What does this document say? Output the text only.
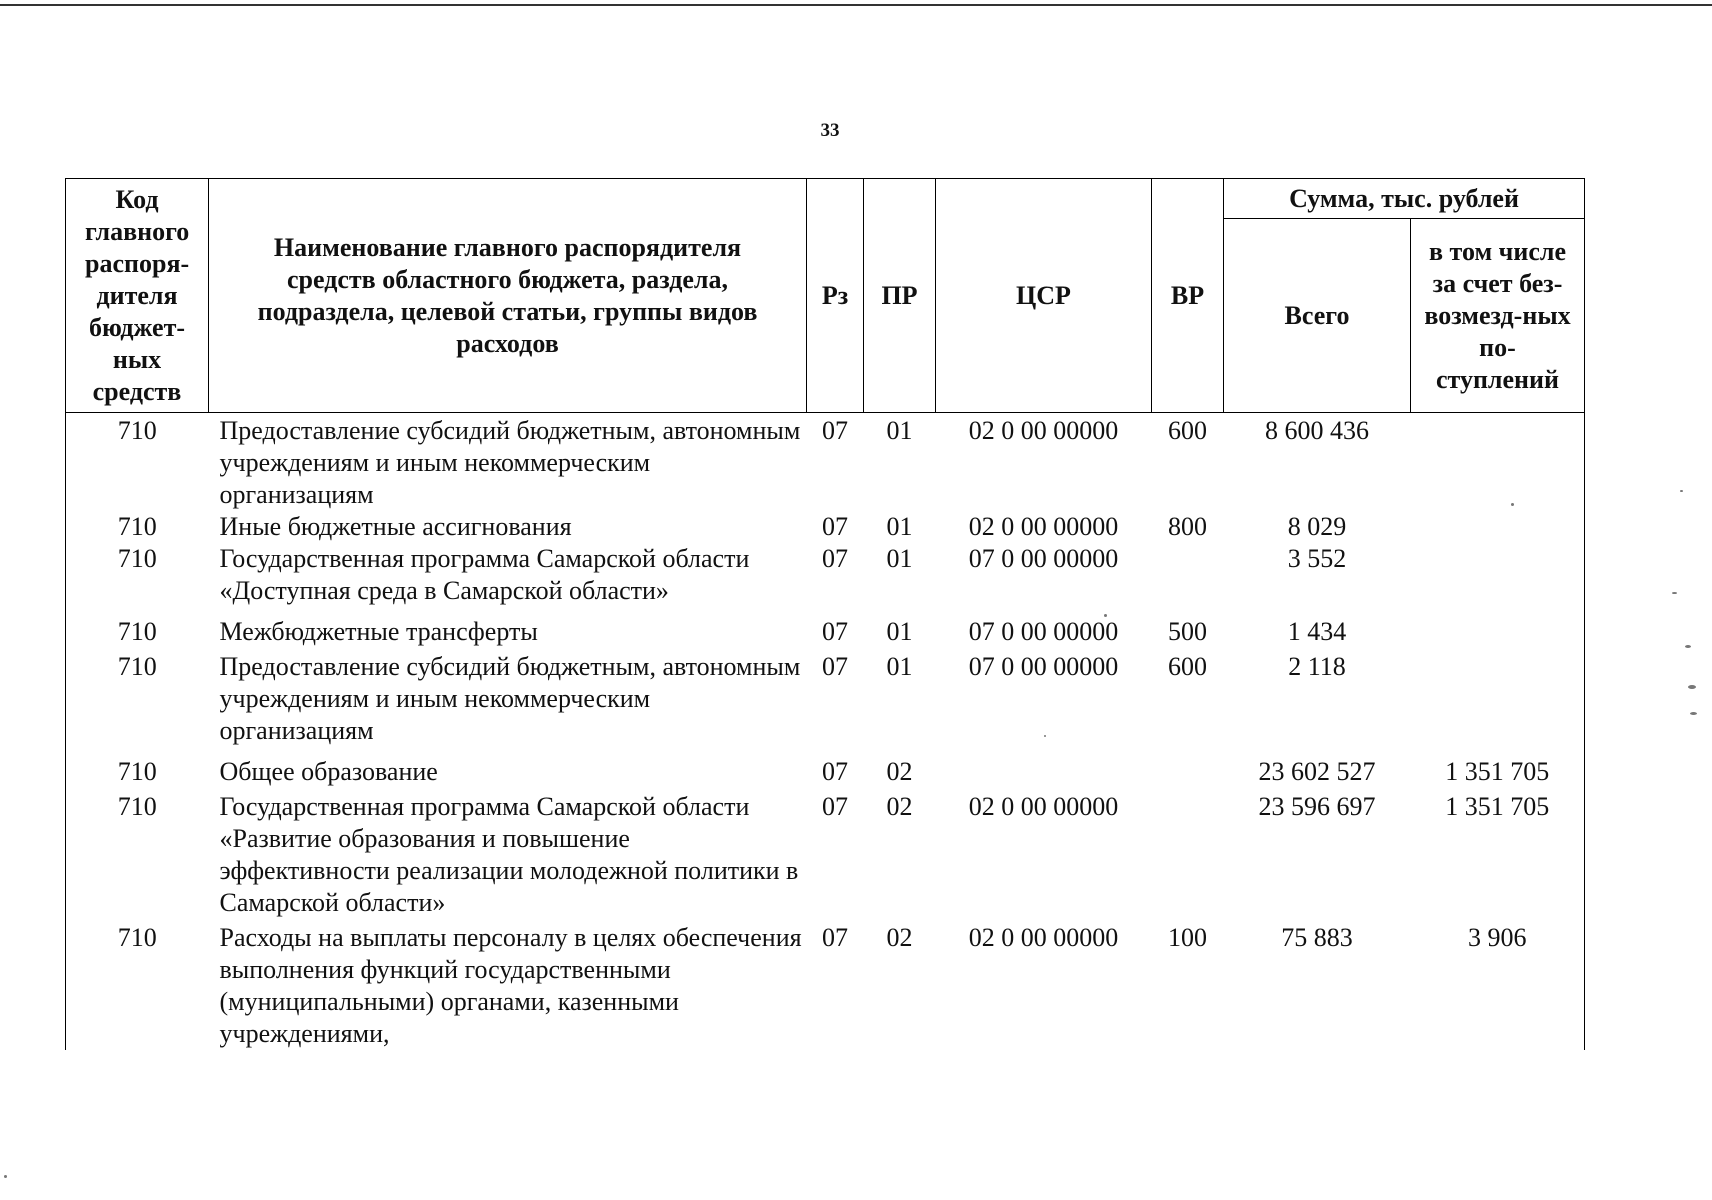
33
Код главного распоря-дителя бюджет-ных средств	Наименование главного распорядителя средств областного бюджета, раздела, подраздела, целевой статьи, группы видов расходов	Рз	ПР	ЦСР	ВР	Сумма, тыс. рублей	
						Всего	в том числе за счет без-возмезд-ных по-ступлений

710	Предоставление субсидий бюджетным, автономным учреждениям и иным некоммерческим организациям	07	01	02 0 00 00000	600	8 600 436	
710	Иные бюджетные ассигнования	07	01	02 0 00 00000	800	8 029	
710	Государственная программа Самарской области «Доступная среда в Самарской области»	07	01	07 0 00 00000		3 552	
710	Межбюджетные трансферты	07	01	07 0 00 00000	500	1 434	
710	Предоставление субсидий бюджетным, автономным учреждениям и иным некоммерческим организациям	07	01	07 0 00 00000	600	2 118	
710	Общее образование	07	02			23 602 527	1 351 705
710	Государственная программа Самарской области «Развитие образования и повышение эффективности реализации молодежной политики в Самарской области»	07	02	02 0 00 00000		23 596 697	1 351 705
710	Расходы на выплаты персоналу в целях обеспечения выполнения функций государственными (муниципальными) органами, казенными учреждениями,	07	02	02 0 00 00000	100	75 883	3 906
